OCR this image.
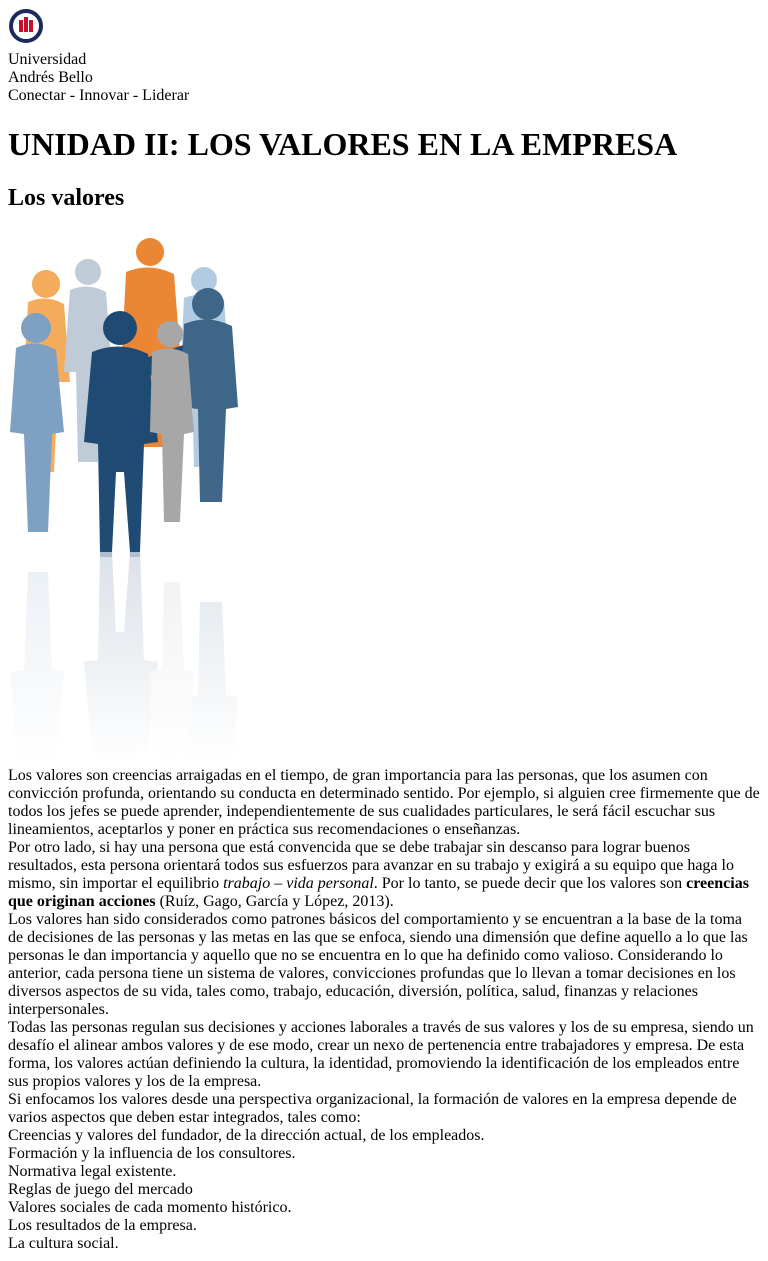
Universidad
Andrés Bello
Conectar - Innovar - Liderar
UNIDAD II: LOS VALORES EN LA EMPRESA
Los valores
Los valores son creencias arraigadas en el tiempo, de gran importancia para las personas, que los asumen con convicción profunda, orientando su conducta en determinado sentido. Por ejemplo, si alguien cree firmemente que de todos los jefes se puede aprender, independientemente de sus cualidades particulares, le será fácil escuchar sus lineamientos, aceptarlos y poner en práctica sus recomendaciones o enseñanzas.
Por otro lado, si hay una persona que está convencida que se debe trabajar sin descanso para lograr buenos resultados, esta persona orientará todos sus esfuerzos para avanzar en su trabajo y exigirá a su equipo que haga lo mismo, sin importar el equilibrio trabajo – vida personal. Por lo tanto, se puede decir que los valores son creencias que originan acciones (Ruíz, Gago, García y López, 2013).
Los valores han sido considerados como patrones básicos del comportamiento y se encuentran a la base de la toma de decisiones de las personas y las metas en las que se enfoca, siendo una dimensión que define aquello a lo que las
personas le dan importancia y aquello que no se encuentra en lo que ha definido como valioso. Considerando lo anterior, cada persona tiene un sistema de valores, convicciones profundas que lo llevan a tomar decisiones en los diversos aspectos de su vida, tales como, trabajo, educación, diversión, política, salud, finanzas y relaciones interpersonales.
Todas las personas regulan sus decisiones y acciones laborales a través de sus valores y los de su empresa, siendo un desafío el alinear ambos valores y de ese modo, crear un nexo de pertenencia entre trabajadores y empresa. De esta forma, los valores actúan definiendo la cultura, la identidad, promoviendo la identificación de los empleados entre sus propios valores y los de la empresa.
Si enfocamos los valores desde una perspectiva organizacional, la formación de valores en la empresa depende de varios aspectos que deben estar integrados, tales como:
Creencias y valores del fundador, de la dirección actual, de los empleados.
Formación y la influencia de los consultores.
Normativa legal existente.
Reglas de juego del mercado
Valores sociales de cada momento histórico.
Los resultados de la empresa.
La cultura social.
